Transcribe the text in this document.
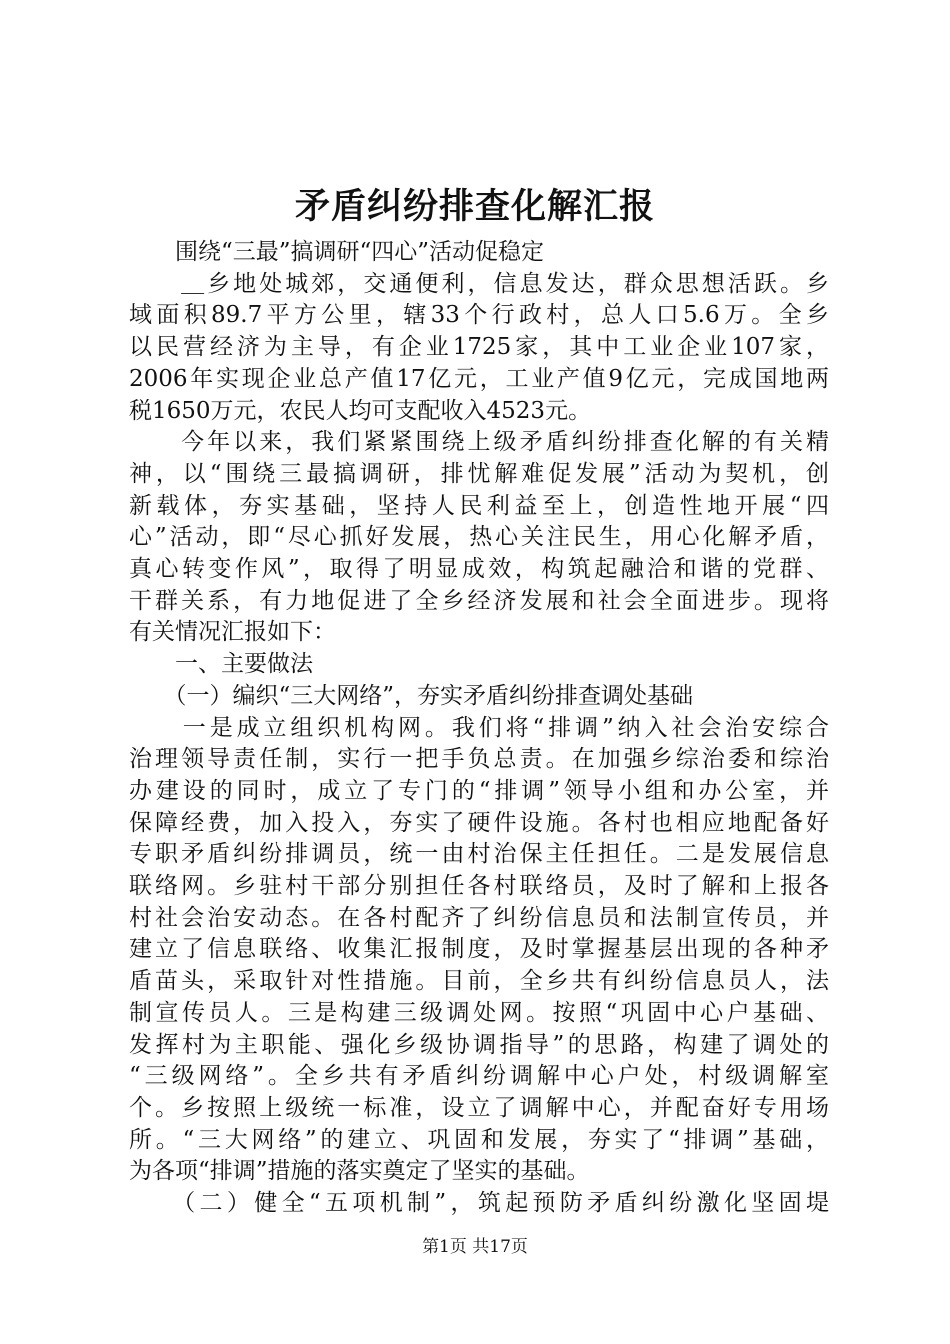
矛盾纠纷排查化解汇报
　　围绕“三最”搞调研“四心”活动促稳定
　　＿乡地处城郊，交通便利，信息发达，群众思想活跃。乡
域面积89.7平方公里，辖33个行政村，总人口5.6万。全乡
以民营经济为主导，有企业1725家，其中工业企业107家，
2006年实现企业总产值17亿元，工业产值9亿元，完成国地两
税1650万元，农民人均可支配收入4523元。
　　今年以来，我们紧紧围绕上级矛盾纠纷排查化解的有关精
神，以“围绕三最搞调研，排忧解难促发展”活动为契机，创
新载体，夯实基础，坚持人民利益至上，创造性地开展“四
心”活动，即“尽心抓好发展，热心关注民生，用心化解矛盾，
真心转变作风”，取得了明显成效，构筑起融洽和谐的党群、
干群关系，有力地促进了全乡经济发展和社会全面进步。现将
有关情况汇报如下：
　　一、主要做法
　　（一）编织“三大网络”，夯实矛盾纠纷排查调处基础
　　一是成立组织机构网。我们将“排调”纳入社会治安综合
治理领导责任制，实行一把手负总责。在加强乡综治委和综治
办建设的同时，成立了专门的“排调”领导小组和办公室，并
保障经费，加入投入，夯实了硬件设施。各村也相应地配备好
专职矛盾纠纷排调员，统一由村治保主任担任。二是发展信息
联络网。乡驻村干部分别担任各村联络员，及时了解和上报各
村社会治安动态。在各村配齐了纠纷信息员和法制宣传员，并
建立了信息联络、收集汇报制度，及时掌握基层出现的各种矛
盾苗头，采取针对性措施。目前，全乡共有纠纷信息员人，法
制宣传员人。三是构建三级调处网。按照“巩固中心户基础、
发挥村为主职能、强化乡级协调指导”的思路，构建了调处的
“三级网络”。全乡共有矛盾纠纷调解中心户处，村级调解室
个。乡按照上级统一标准，设立了调解中心，并配奋好专用场
所。“三大网络”的建立、巩固和发展，夯实了“排调”基础，
为各项“排调”措施的落实奠定了坚实的基础。
　　（二）健全“五项机制”，筑起预防矛盾纠纷激化坚固堤
第1页 共17页
